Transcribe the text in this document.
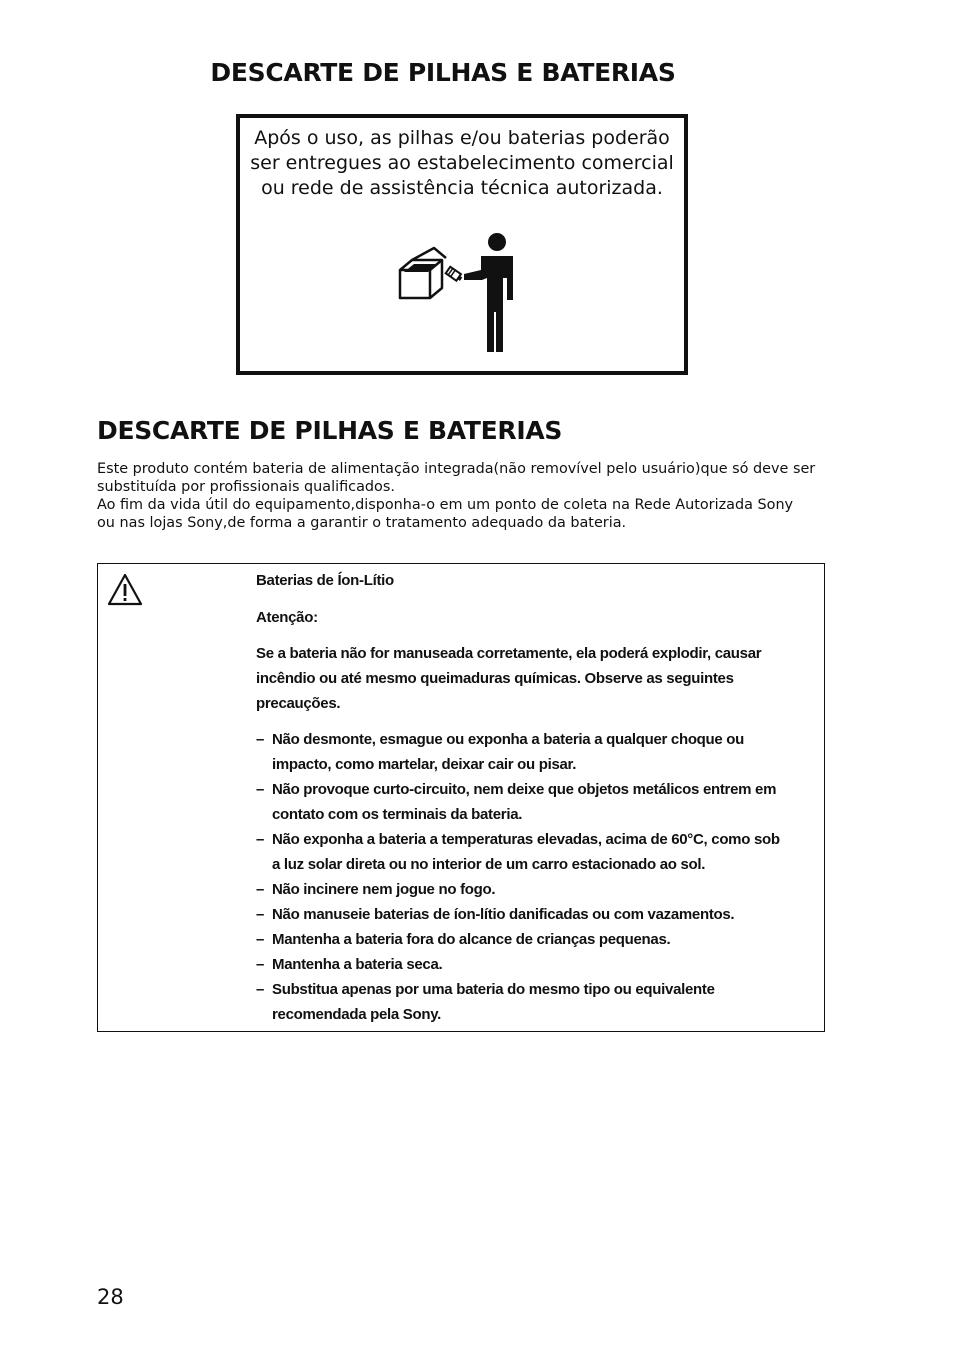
DESCARTE DE PILHAS E BATERIAS
Após o uso, as pilhas e/ou baterias poderão
ser entregues ao estabelecimento comercial
ou rede de assistência técnica autorizada.
DESCARTE DE PILHAS E BATERIAS

Este produto contém bateria de alimentação integrada(não removível pelo usuário)que só deve ser

substituída por profissionais qualificados.

Ao fim da vida útil do equipamento,disponha-o em um ponto de coleta na Rede Autorizada Sony

ou nas lojas Sony,de forma a garantir o tratamento adequado da bateria.

Baterias de Íon-Lítio

Atenção:

Se a bateria não for manuseada corretamente, ela poderá explodir, causar

incêndio ou até mesmo queimaduras químicas. Observe as seguintes

precauções.

– Não desmonte, esmague ou exponha a bateria a qualquer choque ou
impacto, como martelar, deixar cair ou pisar.
– Não provoque curto-circuito, nem deixe que objetos metálicos entrem em
contato com os terminais da bateria.
– Não exponha a bateria a temperaturas elevadas, acima de 60°C, como sob
a luz solar direta ou no interior de um carro estacionado ao sol.
– Não incinere nem jogue no fogo.
– Não manuseie baterias de íon-lítio danificadas ou com vazamentos.
– Mantenha a bateria fora do alcance de crianças pequenas.
– Mantenha a bateria seca.
– Substitua apenas por uma bateria do mesmo tipo ou equivalente
recomendada pela Sony.
28
